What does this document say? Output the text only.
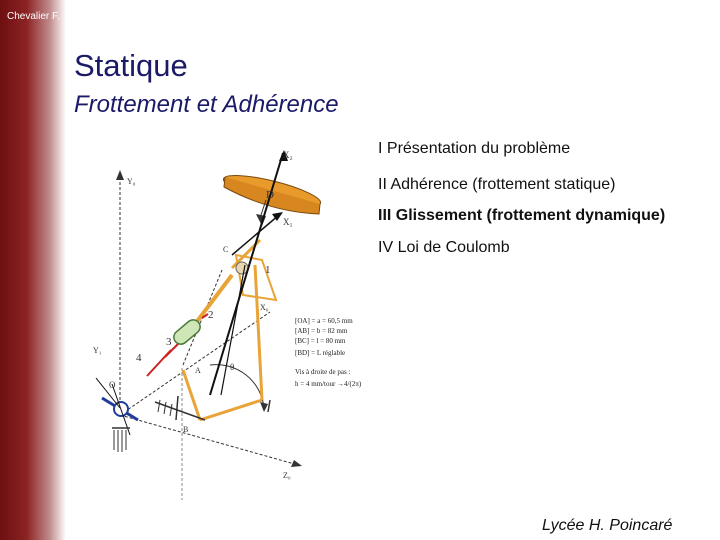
Chevalier F.
Statique
Frottement et Adhérence
I Présentation du problème
II Adhérence (frottement statique)
III Glissement (frottement dynamique)
IV Loi de Coulomb
X₂
X₁
Y₀
X₀
Z₀
Y₁
D
1
2
3
4
C
O
A
B
θ
[OA] = a = 60,5 mm
[AB] = b = 82 mm
[BC] = l = 80 mm
[BD] = L réglable
Vis à droite de pas :
h = 4 mm/tour →4/(2π)
Lycée H. Poincaré
